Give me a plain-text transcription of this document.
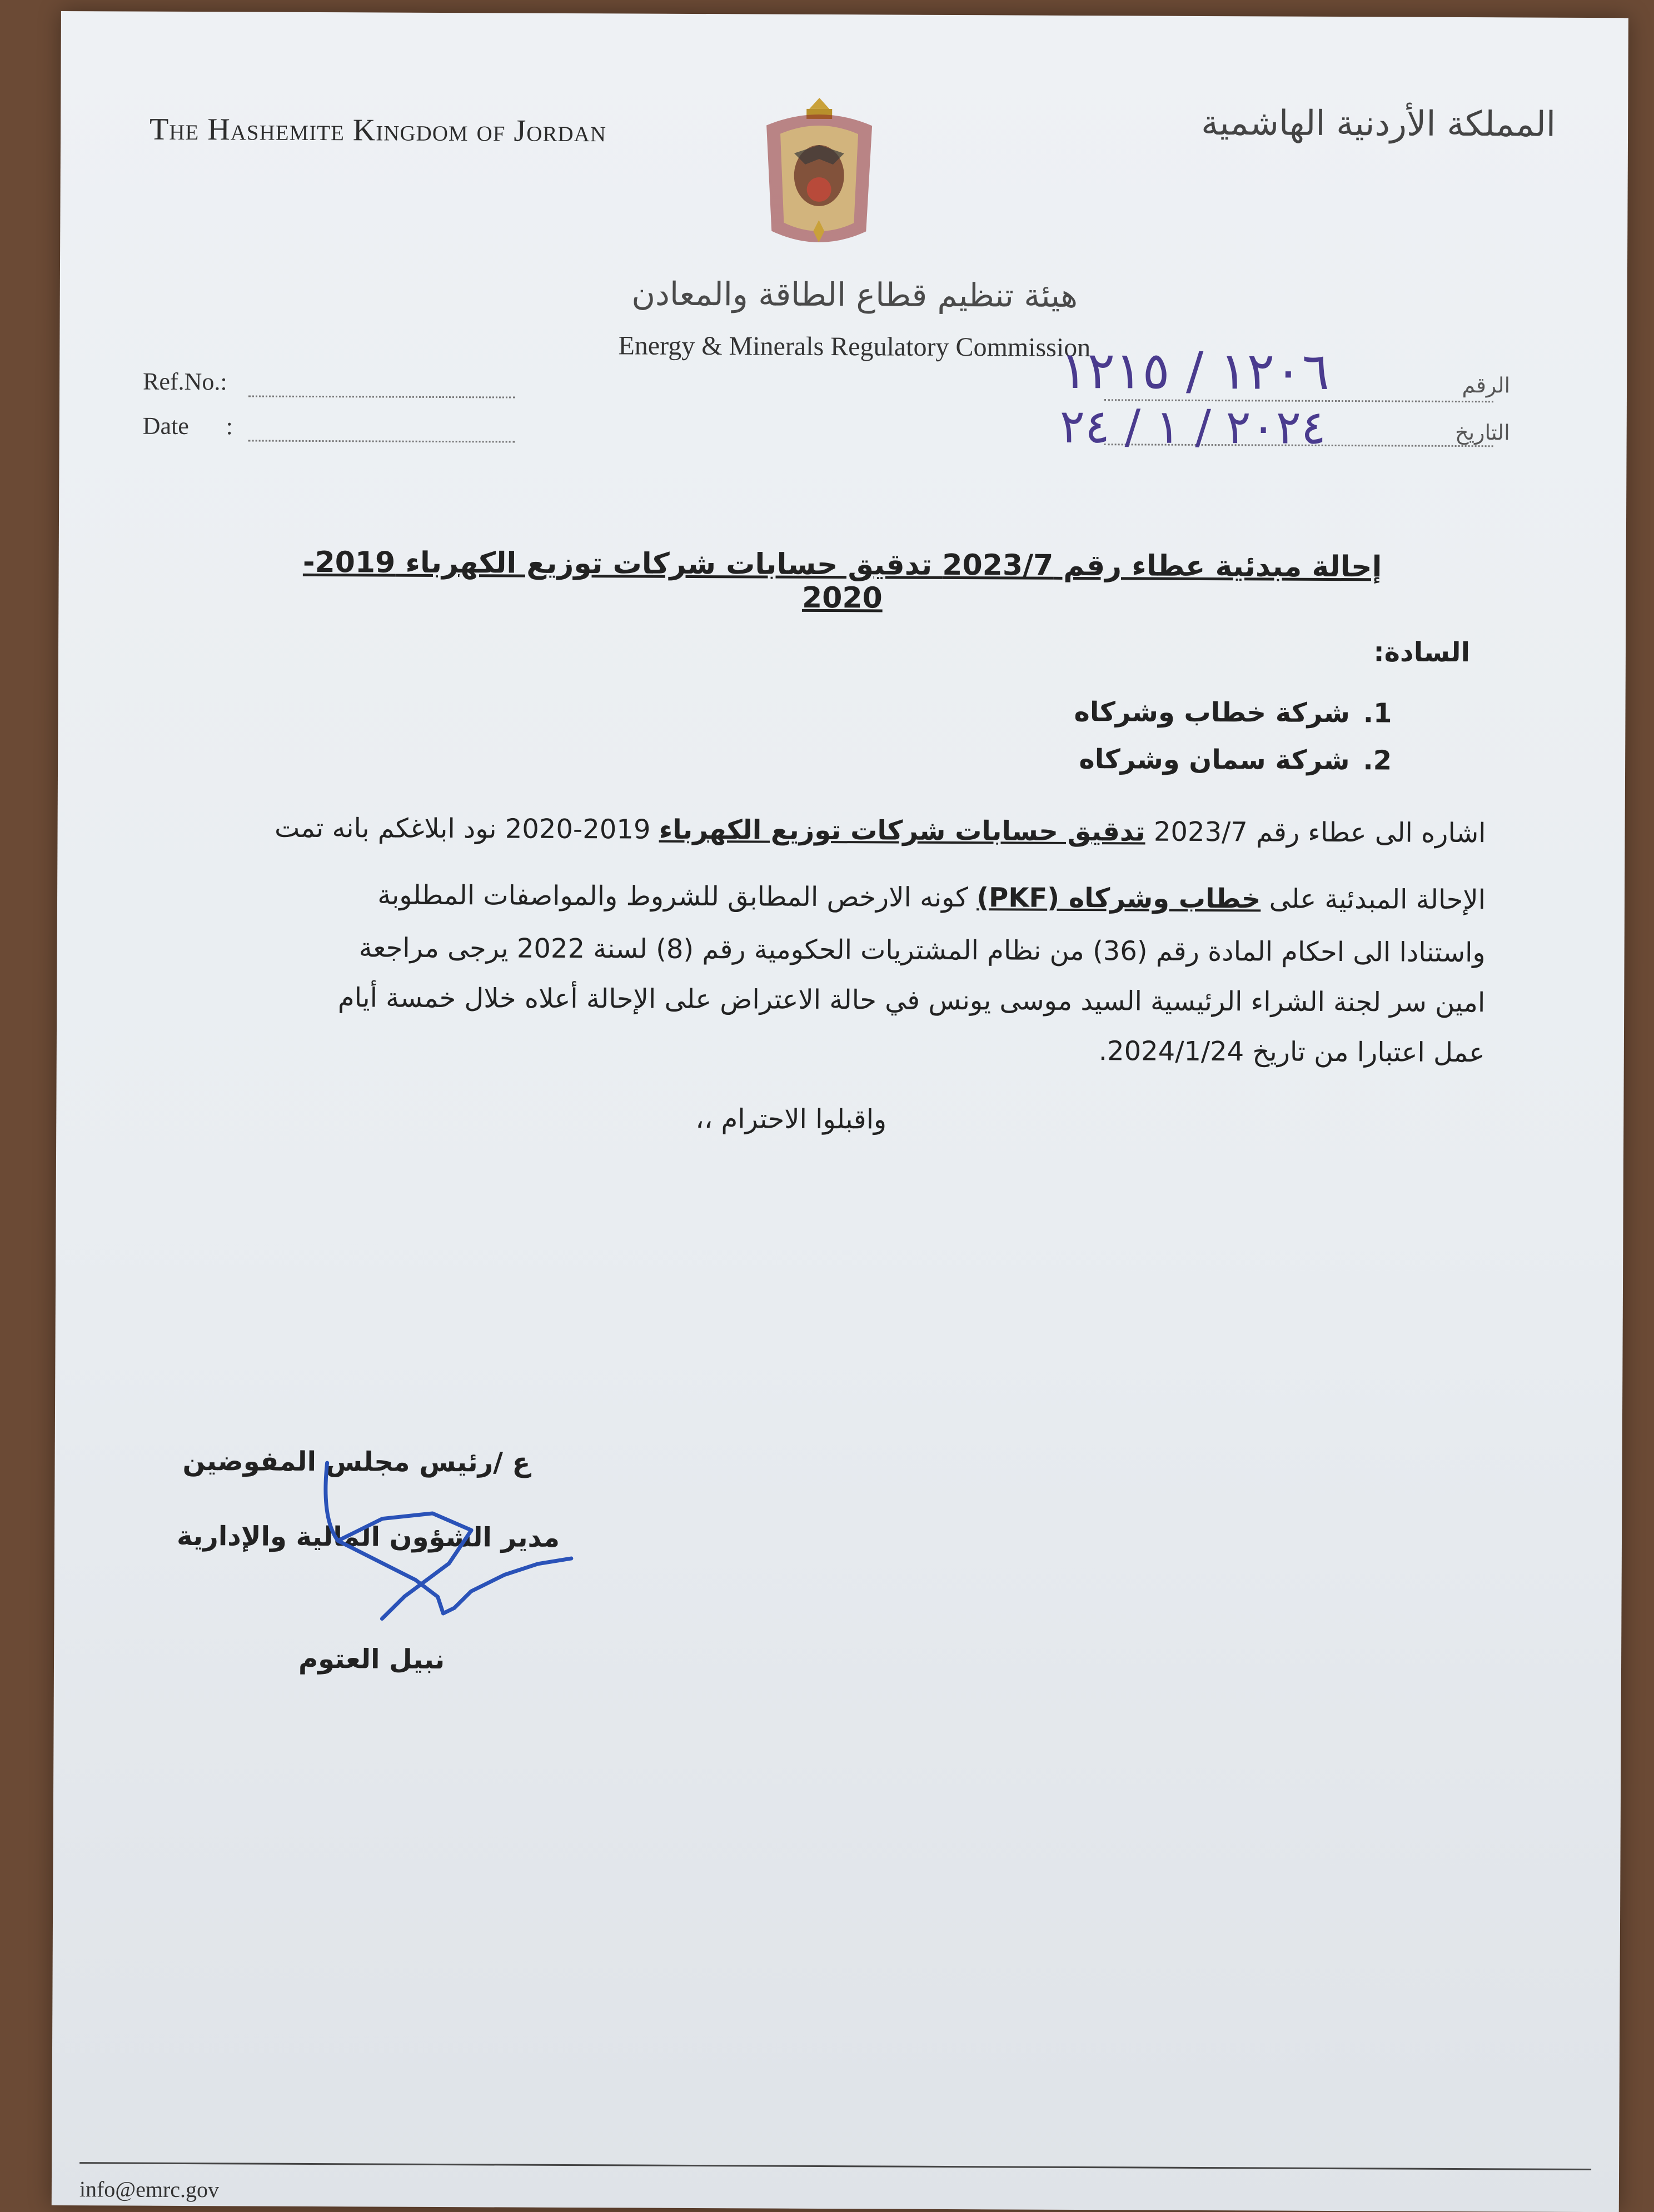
The Hashemite Kingdom of Jordan	المملكة الأردنية الهاشمية
هيئة تنظيم قطاع الطاقة والمعادن
Energy & Minerals Regulatory Commission
Ref.No.:
Date :
الرقم
التاريخ
١٢٠٦ / ١٢١٥
٢٠٢٤ / ١ / ٢٤
إحالة مبدئية عطاء رقم 2023/7 تدقيق حسابات شركات توزيع الكهرباء 2019-2020
السادة:
1.شركة خطاب وشركاه
2.شركة سمان وشركاه
اشاره الى عطاء رقم 2023/7 تدقيق حسابات شركات توزيع الكهرباء 2019-2020 نود ابلاغكم بانه تمت
الإحالة المبدئية على خطاب وشركاه (PKF) كونه الارخص المطابق للشروط والمواصفات المطلوبة
واستنادا الى احكام المادة رقم (36) من نظام المشتريات الحكومية رقم (8) لسنة 2022 يرجى مراجعة
امين سر لجنة الشراء الرئيسية السيد موسى يونس في حالة الاعتراض على الإحالة أعلاه خلال خمسة أيام
عمل اعتبارا من تاريخ 2024/1/24.
واقبلوا الاحترام ،،
ع /رئيس مجلس المفوضين
مدير الشؤون المالية والإدارية
نبيل العتوم
info@emrc.gov
